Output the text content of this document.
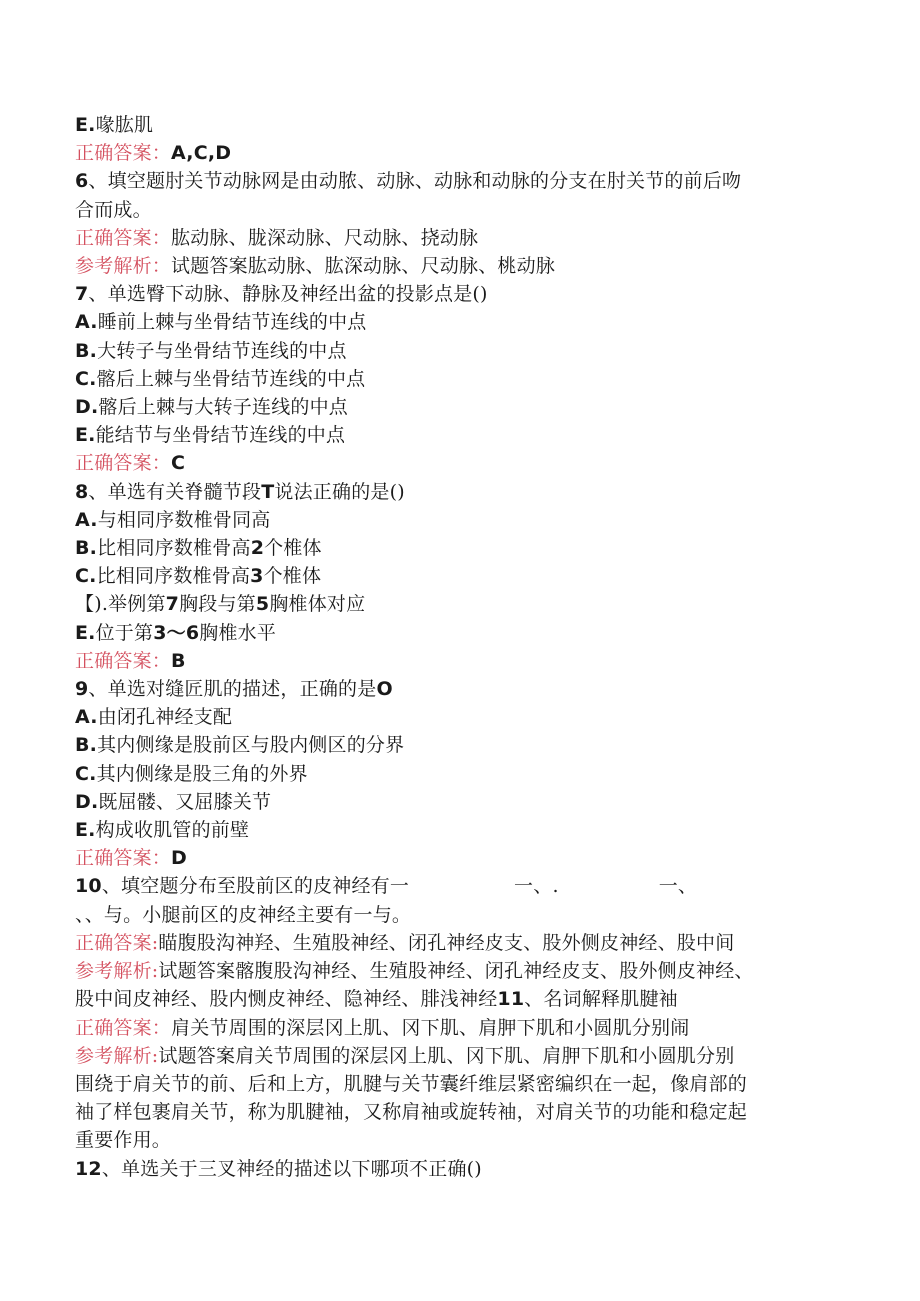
E.喙肱肌
正确答案：A,C,D
6、填空题肘关节动脉网是由动脓、动脉、动脉和动脉的分支在肘关节的前后吻
合而成。
正确答案：肱动脉、胧深动脉、尺动脉、挠动脉
参考解析：试题答案肱动脉、肱深动脉、尺动脉、桃动脉
7、单选臀下动脉、静脉及神经出盆的投影点是()
A.睡前上棘与坐骨结节连线的中点
B.大转子与坐骨结节连线的中点
C.髂后上棘与坐骨结节连线的中点
D.髂后上棘与大转子连线的中点
E.能结节与坐骨结节连线的中点
正确答案：C
8、单选有关脊髓节段T说法正确的是()
A.与相同序数椎骨同高
B.比相同序数椎骨高2个椎体
C.比相同序数椎骨高3个椎体
【).举例第7胸段与第5胸椎体对应
E.位于第3～6胸椎水平
正确答案：B
9、单选对缝匠肌的描述，正确的是O
A.由闭孔神经支配
B.其内侧缘是股前区与股内侧区的分界
C.其内侧缘是股三角的外界
D.既屈髅、又屈膝关节
E.构成收肌管的前壁
正确答案：D
10、填空题分布至股前区的皮神经有一	一、.	一、
、、与。小腿前区的皮神经主要有一与。
正确答案:瞄腹股沟神羟、生殖股神经、闭孔神经皮支、股外侧皮神经、股中间
参考解析:试题答案髂腹股沟神经、生殖股神经、闭孔神经皮支、股外侧皮神经、
股中间皮神经、股内恻皮神经、隐神经、腓浅神经11、名词解释肌腱袖
正确答案：肩关节周围的深层冈上肌、冈下肌、肩胛下肌和小圆肌分别闹
参考解析:试题答案肩关节周围的深层冈上肌、冈下肌、肩胛下肌和小圆肌分别
围绕于肩关节的前、后和上方，肌腱与关节囊纤维层紧密编织在一起，像肩部的
袖了样包裹肩关节，称为肌腱袖，又称肩袖或旋转袖，对肩关节的功能和稳定起
重要作用。
12、单选关于三叉神经的描述以下哪项不正确()
